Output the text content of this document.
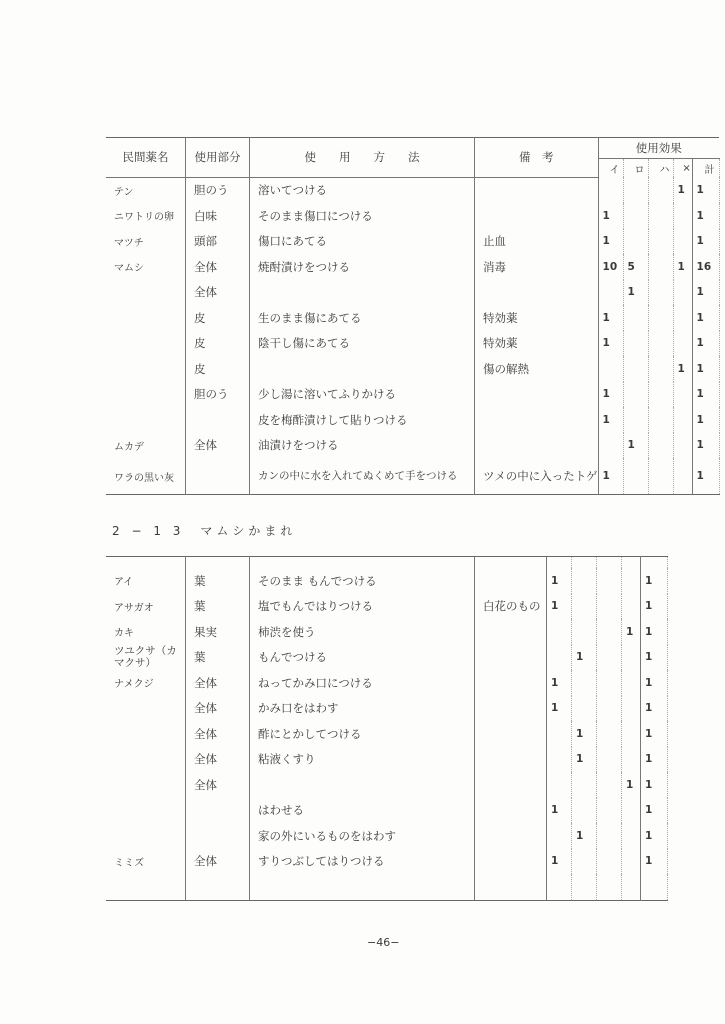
民間薬名	使用部分	使　　用　　方　　法	備　考	使用効果				
				イ	ロ	ハ	×	計
テン	胆のう	溶いてつける					1	1
ニワトリの卵	白味	そのまま傷口につける		1				1
マツチ	頭部	傷口にあてる	止血	1				1
マムシ	全体	焼酎漬けをつける	消毒	10	5		1	16
	全体				1			1
	皮	生のまま傷にあてる	特効薬	1				1
	皮	陰干し傷にあてる	特効薬	1				1
	皮		傷の解熱				1	1
	胆のう	少し湯に溶いてふりかける		1				1
		皮を梅酢漬けして貼りつける		1				1
ムカデ	全体	油漬けをつける			1			1
ワラの黒い灰		カンの中に水を入れてぬくめて手をつける	ツメの中に入ったトゲ	1				1
2 − 1 3　マムシかまれ

アイ	葉	そのまま もんでつける		1				1
アサガオ	葉	塩でもんではりつける	白花のもの	1				1
カキ	果実	柿渋を使う					1	1
ツユクサ（カマクサ）	葉	もんでつける			1			1
ナメクジ	全体	ねってかみ口につける		1				1
	全体	かみ口をはわす		1				1
	全体	酢にとかしてつける			1			1
	全体	粘液くすり			1			1
	全体						1	1
		はわせる		1				1
		家の外にいるものをはわす			1			1
ミミズ	全体	すりつぶしてはりつける		1				1

−46−
